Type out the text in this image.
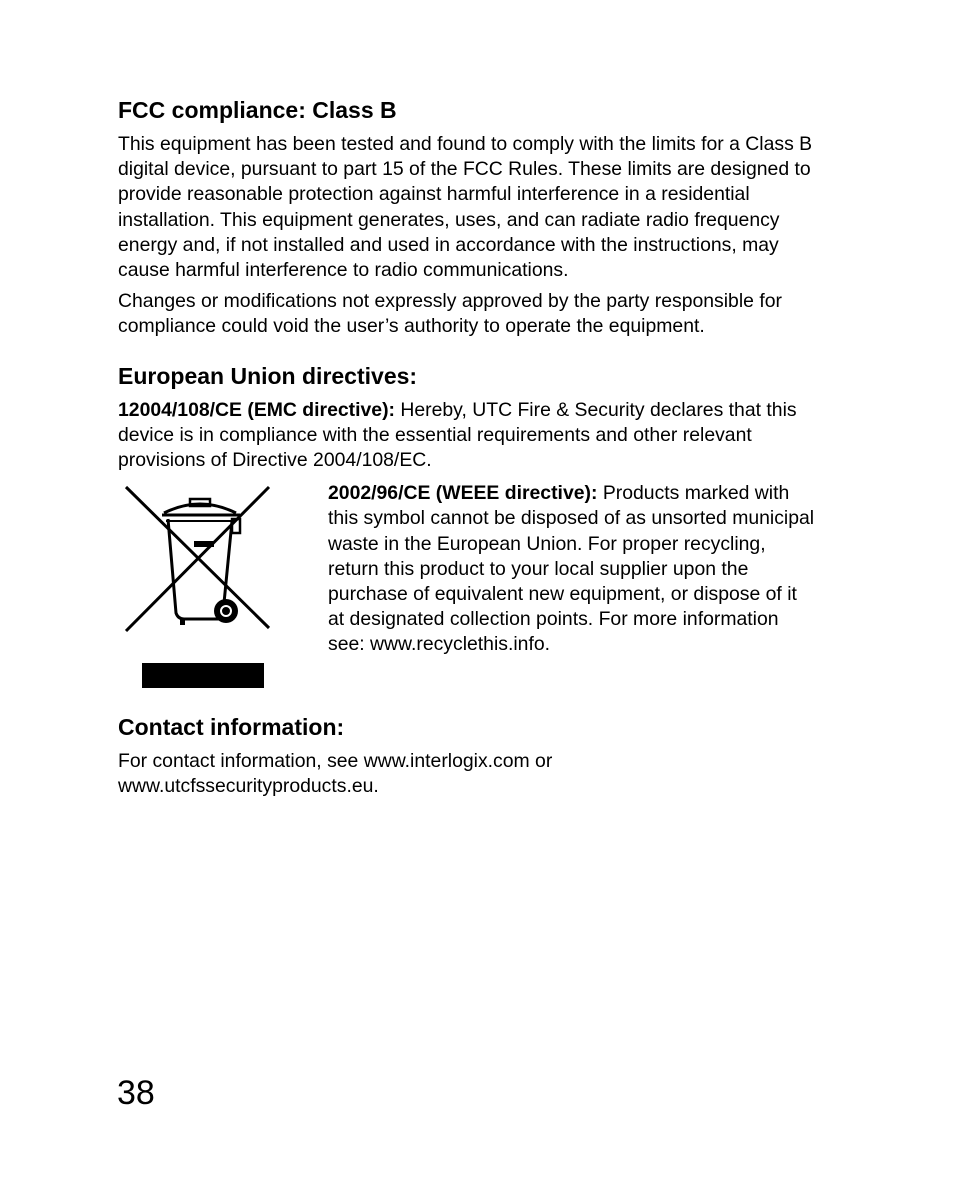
FCC compliance: Class B

This equipment has been tested and found to comply with the limits for a Class B digital device, pursuant to part 15 of the FCC Rules. These limits are designed to provide reasonable protection against harmful interference in a residential installation. This equipment generates, uses, and can radiate radio frequency energy and, if not installed and used in accordance with the instructions, may cause harmful interference to radio communications.

Changes or modifications not expressly approved by the party responsible for compliance could void the user’s authority to operate the equipment.

European Union directives:

12004/108/CE (EMC directive): Hereby, UTC Fire & Security declares that this device is in compliance with the essential requirements and other relevant provisions of Directive 2004/108/EC.

2002/96/CE (WEEE directive): Products marked with this symbol cannot be disposed of as unsorted municipal waste in the European Union. For proper recycling, return this product to your local supplier upon the purchase of equivalent new equipment, or dispose of it at designated collection points. For more information see: www.recyclethis.info.

Contact information:

For contact information, see www.interlogix.com or www.utcfssecurityproducts.eu.

38
